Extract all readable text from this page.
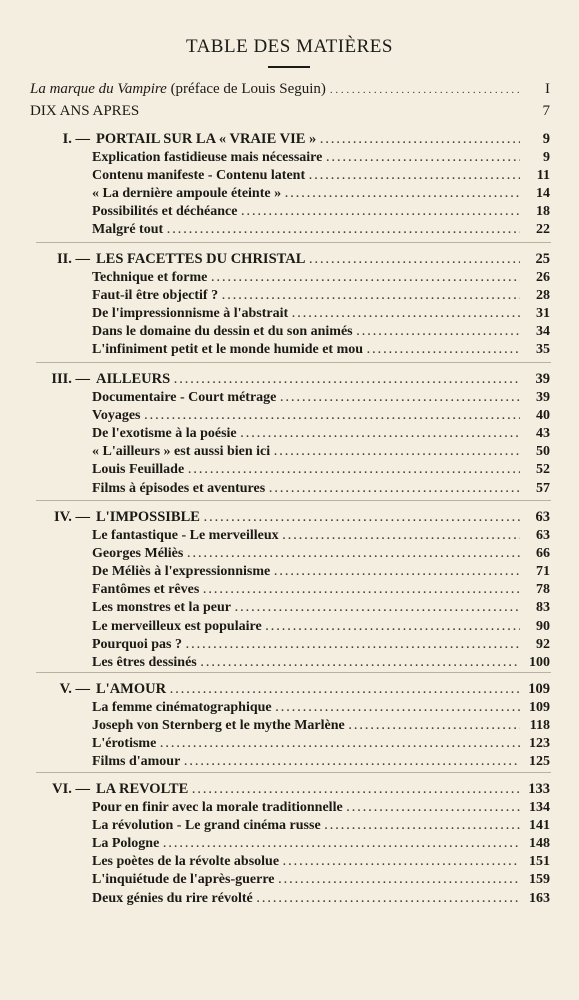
TABLE DES MATIÈRES
La marque du Vampire (préface de Louis Seguin) . . .	I
DIX ANS APRES	7
I. — PORTAIL SUR LA « VRAIE VIE » . . .	9
Explication fastidieuse mais nécessaire . . .	9
Contenu manifeste - Contenu latent . . .	11
« La dernière ampoule éteinte » . . .	14
Possibilités et déchéance . . .	18
Malgré tout . . .	22
II. — LES FACETTES DU CHRISTAL . . .	25
Technique et forme . . .	26
Faut-il être objectif ? . . .	28
De l'impressionnisme à l'abstrait . . .	31
Dans le domaine du dessin et du son animés . . .	34
L'infiniment petit et le monde humide et mou . . .	35
III. — AILLEURS . . .	39
Documentaire - Court métrage . . .	39
Voyages . . .	40
De l'exotisme à la poésie . . .	43
« L'ailleurs » est aussi bien ici . . .	50
Louis Feuillade . . .	52
Films à épisodes et aventures . . .	57
IV. — L'IMPOSSIBLE . . .	63
Le fantastique - Le merveilleux . . .	63
Georges Méliès . . .	66
De Méliès à l'expressionnisme . . .	71
Fantômes et rêves . . .	78
Les monstres et la peur . . .	83
Le merveilleux est populaire . . .	90
Pourquoi pas ? . . .	92
Les êtres dessinés . . .	100
V. — L'AMOUR . . .	109
La femme cinématographique . . .	109
Joseph von Sternberg et le mythe Marlène . . .	118
L'érotisme . . .	123
Films d'amour . . .	125
VI. — LA REVOLTE . . .	133
Pour en finir avec la morale traditionnelle . . .	134
La révolution - Le grand cinéma russe . . .	141
La Pologne . . .	148
Les poètes de la révolte absolue . . .	151
L'inquiétude de l'après-guerre . . .	159
Deux génies du rire révolté . . .	163
